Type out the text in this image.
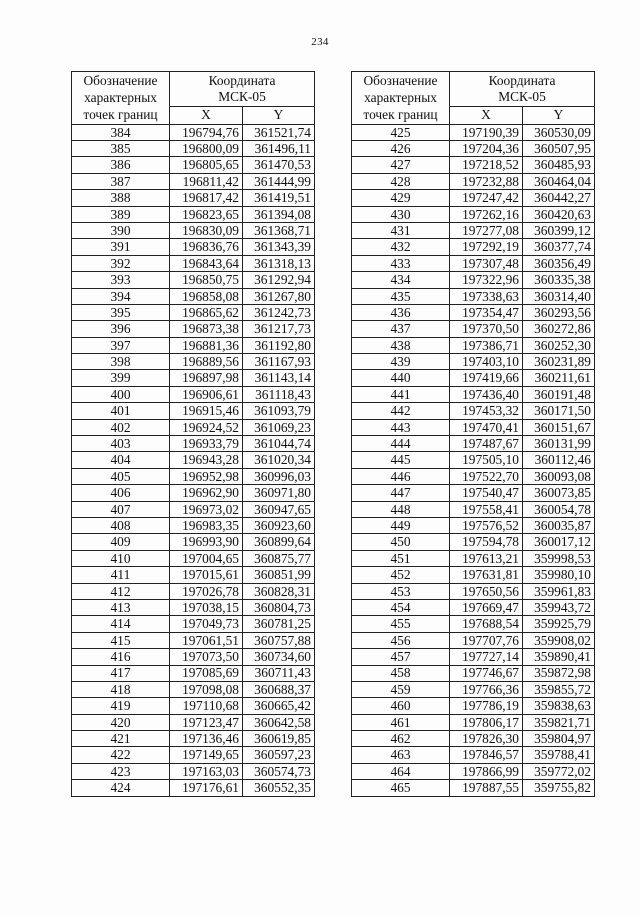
234
Обозначение
характерных
точек границ	Координата
МСК-05	
	X	Y
384	196794,76	361521,74
385	196800,09	361496,11
386	196805,65	361470,53
387	196811,42	361444,99
388	196817,42	361419,51
389	196823,65	361394,08
390	196830,09	361368,71
391	196836,76	361343,39
392	196843,64	361318,13
393	196850,75	361292,94
394	196858,08	361267,80
395	196865,62	361242,73
396	196873,38	361217,73
397	196881,36	361192,80
398	196889,56	361167,93
399	196897,98	361143,14
400	196906,61	361118,43
401	196915,46	361093,79
402	196924,52	361069,23
403	196933,79	361044,74
404	196943,28	361020,34
405	196952,98	360996,03
406	196962,90	360971,80
407	196973,02	360947,65
408	196983,35	360923,60
409	196993,90	360899,64
410	197004,65	360875,77
411	197015,61	360851,99
412	197026,78	360828,31
413	197038,15	360804,73
414	197049,73	360781,25
415	197061,51	360757,88
416	197073,50	360734,60
417	197085,69	360711,43
418	197098,08	360688,37
419	197110,68	360665,42
420	197123,47	360642,58
421	197136,46	360619,85
422	197149,65	360597,23
423	197163,03	360574,73
424	197176,61	360552,35
Обозначение
характерных
точек границ	Координата
МСК-05	
	X	Y
425	197190,39	360530,09
426	197204,36	360507,95
427	197218,52	360485,93
428	197232,88	360464,04
429	197247,42	360442,27
430	197262,16	360420,63
431	197277,08	360399,12
432	197292,19	360377,74
433	197307,48	360356,49
434	197322,96	360335,38
435	197338,63	360314,40
436	197354,47	360293,56
437	197370,50	360272,86
438	197386,71	360252,30
439	197403,10	360231,89
440	197419,66	360211,61
441	197436,40	360191,48
442	197453,32	360171,50
443	197470,41	360151,67
444	197487,67	360131,99
445	197505,10	360112,46
446	197522,70	360093,08
447	197540,47	360073,85
448	197558,41	360054,78
449	197576,52	360035,87
450	197594,78	360017,12
451	197613,21	359998,53
452	197631,81	359980,10
453	197650,56	359961,83
454	197669,47	359943,72
455	197688,54	359925,79
456	197707,76	359908,02
457	197727,14	359890,41
458	197746,67	359872,98
459	197766,36	359855,72
460	197786,19	359838,63
461	197806,17	359821,71
462	197826,30	359804,97
463	197846,57	359788,41
464	197866,99	359772,02
465	197887,55	359755,82
